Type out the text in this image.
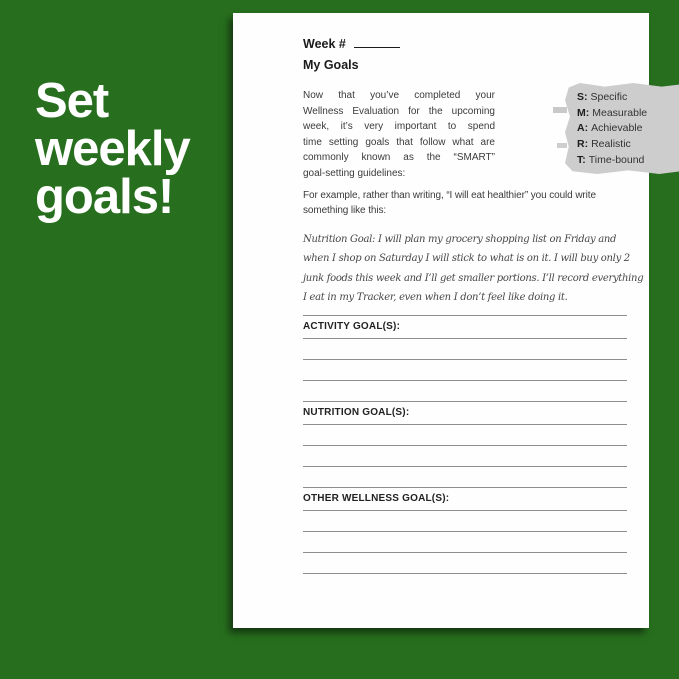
Set
weekly
goals!
Week #
My Goals
Now that you’ve completed your
Wellness Evaluation for the upcoming
week, it’s very important to spend
time setting goals that follow what are
commonly known as the “SMART”
goal-setting guidelines:
S: Specific
M: Measurable
A: Achievable
R: Realistic
T: Time-bound
For example, rather than writing, “I will eat healthier” you could write
something like this:
Nutrition Goal: I will plan my grocery shopping list on Friday and
when I shop on Saturday I will stick to what is on it. I will buy only 2
junk foods this week and I’ll get smaller portions. I’ll record everything
I eat in my Tracker, even when I don’t feel like doing it.
ACTIVITY GOAL(S):
NUTRITION GOAL(S):
OTHER WELLNESS GOAL(S):
